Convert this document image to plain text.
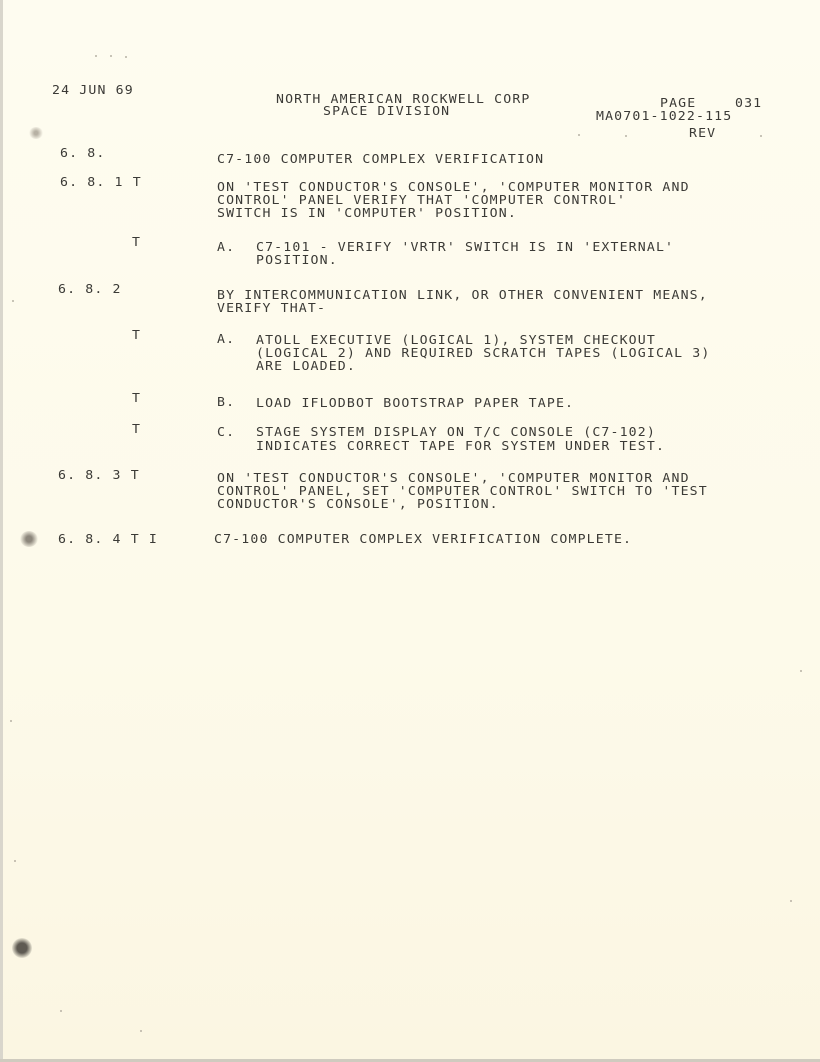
24 JUN 69
NORTH AMERICAN ROCKWELL CORP
SPACE DIVISION
PAGE	031
MA0701-1022-115
REV
6. 8.	C7-100 COMPUTER COMPLEX VERIFICATION
6. 8. 1 T	ON 'TEST CONDUCTOR'S CONSOLE', 'COMPUTER MONITOR AND
CONTROL' PANEL VERIFY THAT 'COMPUTER CONTROL'
SWITCH IS IN 'COMPUTER' POSITION.
T	A. C7-101 - VERIFY 'VRTR' SWITCH IS IN 'EXTERNAL'
POSITION.
6. 8. 2	BY INTERCOMMUNICATION LINK, OR OTHER CONVENIENT MEANS,
VERIFY THAT-
T	A. ATOLL EXECUTIVE (LOGICAL 1), SYSTEM CHECKOUT
(LOGICAL 2) AND REQUIRED SCRATCH TAPES (LOGICAL 3)
ARE LOADED.
T	B. LOAD IFLODBOT BOOTSTRAP PAPER TAPE.
T	C. STAGE SYSTEM DISPLAY ON T/C CONSOLE (C7-102)
INDICATES CORRECT TAPE FOR SYSTEM UNDER TEST.
6. 8. 3 T	ON 'TEST CONDUCTOR'S CONSOLE', 'COMPUTER MONITOR AND
CONTROL' PANEL, SET 'COMPUTER CONTROL' SWITCH TO 'TEST
CONDUCTOR'S CONSOLE', POSITION.
6. 8. 4 T I	C7-100 COMPUTER COMPLEX VERIFICATION COMPLETE.
